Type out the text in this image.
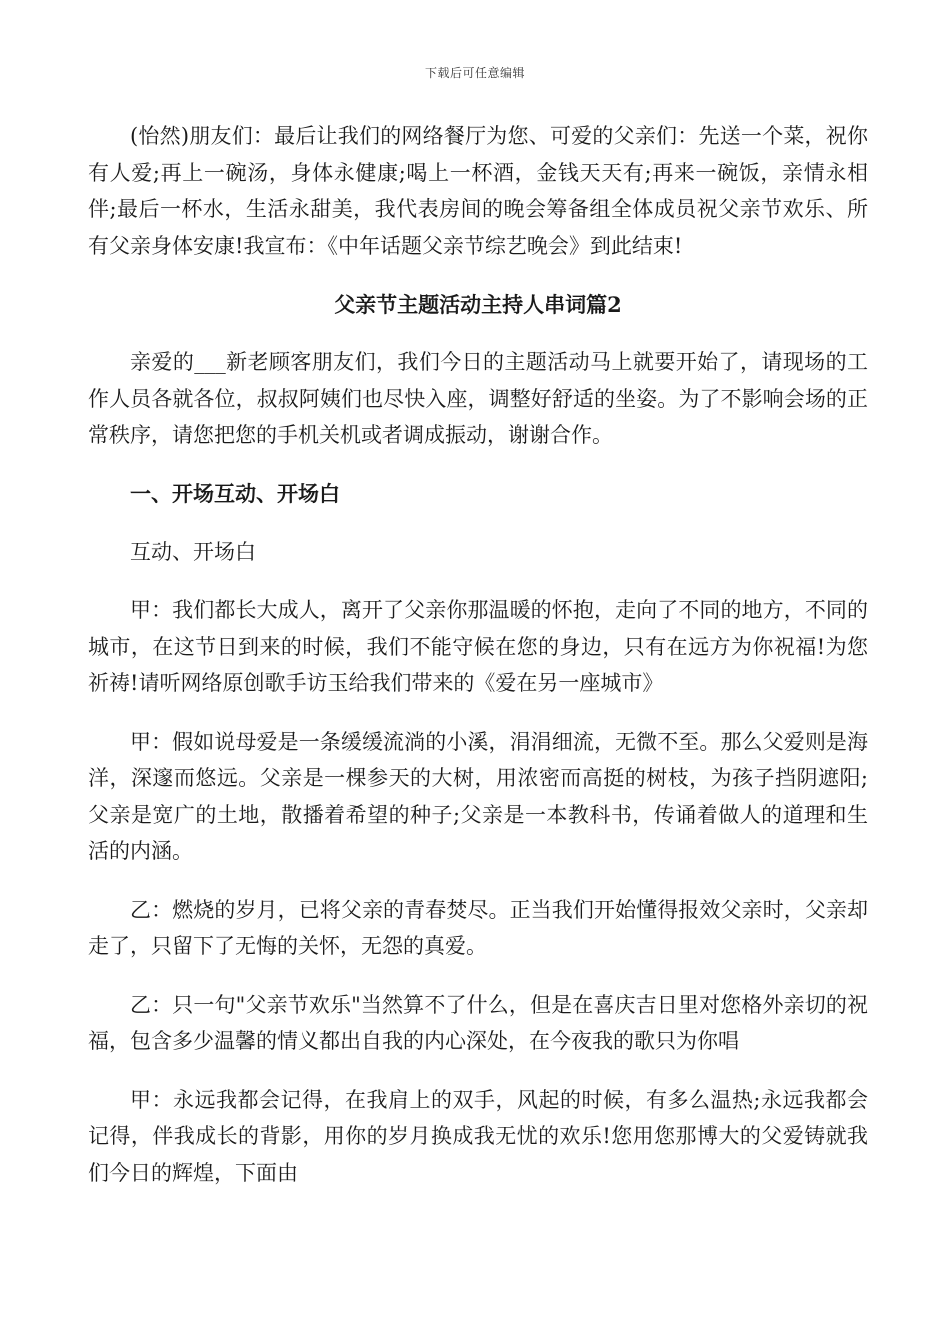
下载后可任意编辑

(怡然)朋友们：最后让我们的网络餐厅为您、可爱的父亲们：先送一个菜，祝你有人爱;再上一碗汤，身体永健康;喝上一杯酒，金钱天天有;再来一碗饭，亲情永相伴;最后一杯水，生活永甜美，我代表房间的晚会筹备组全体成员祝父亲节欢乐、所有父亲身体安康!我宣布：《中年话题父亲节综艺晚会》到此结束!

父亲节主题活动主持人串词篇2

亲爱的___新老顾客朋友们，我们今日的主题活动马上就要开始了，请现场的工作人员各就各位，叔叔阿姨们也尽快入座，调整好舒适的坐姿。为了不影响会场的正常秩序，请您把您的手机关机或者调成振动，谢谢合作。

一、开场互动、开场白

互动、开场白

甲：我们都长大成人，离开了父亲你那温暖的怀抱，走向了不同的地方，不同的城市，在这节日到来的时候，我们不能守候在您的身边，只有在远方为你祝福!为您祈祷!请听网络原创歌手访玉给我们带来的《爱在另一座城市》

甲：假如说母爱是一条缓缓流淌的小溪，涓涓细流，无微不至。那么父爱则是海洋，深邃而悠远。父亲是一棵参天的大树，用浓密而高挺的树枝，为孩子挡阴遮阳;父亲是宽广的土地，散播着希望的种子;父亲是一本教科书，传诵着做人的道理和生活的内涵。

乙：燃烧的岁月，已将父亲的青春焚尽。正当我们开始懂得报效父亲时，父亲却走了，只留下了无悔的关怀，无怨的真爱。

乙：只一句"父亲节欢乐"当然算不了什么，但是在喜庆吉日里对您格外亲切的祝福，包含多少温馨的情义都出自我的内心深处，在今夜我的歌只为你唱

甲：永远我都会记得，在我肩上的双手，风起的时候，有多么温热;永远我都会记得，伴我成长的背影，用你的岁月换成我无忧的欢乐!您用您那博大的父爱铸就我们今日的辉煌，下面由
